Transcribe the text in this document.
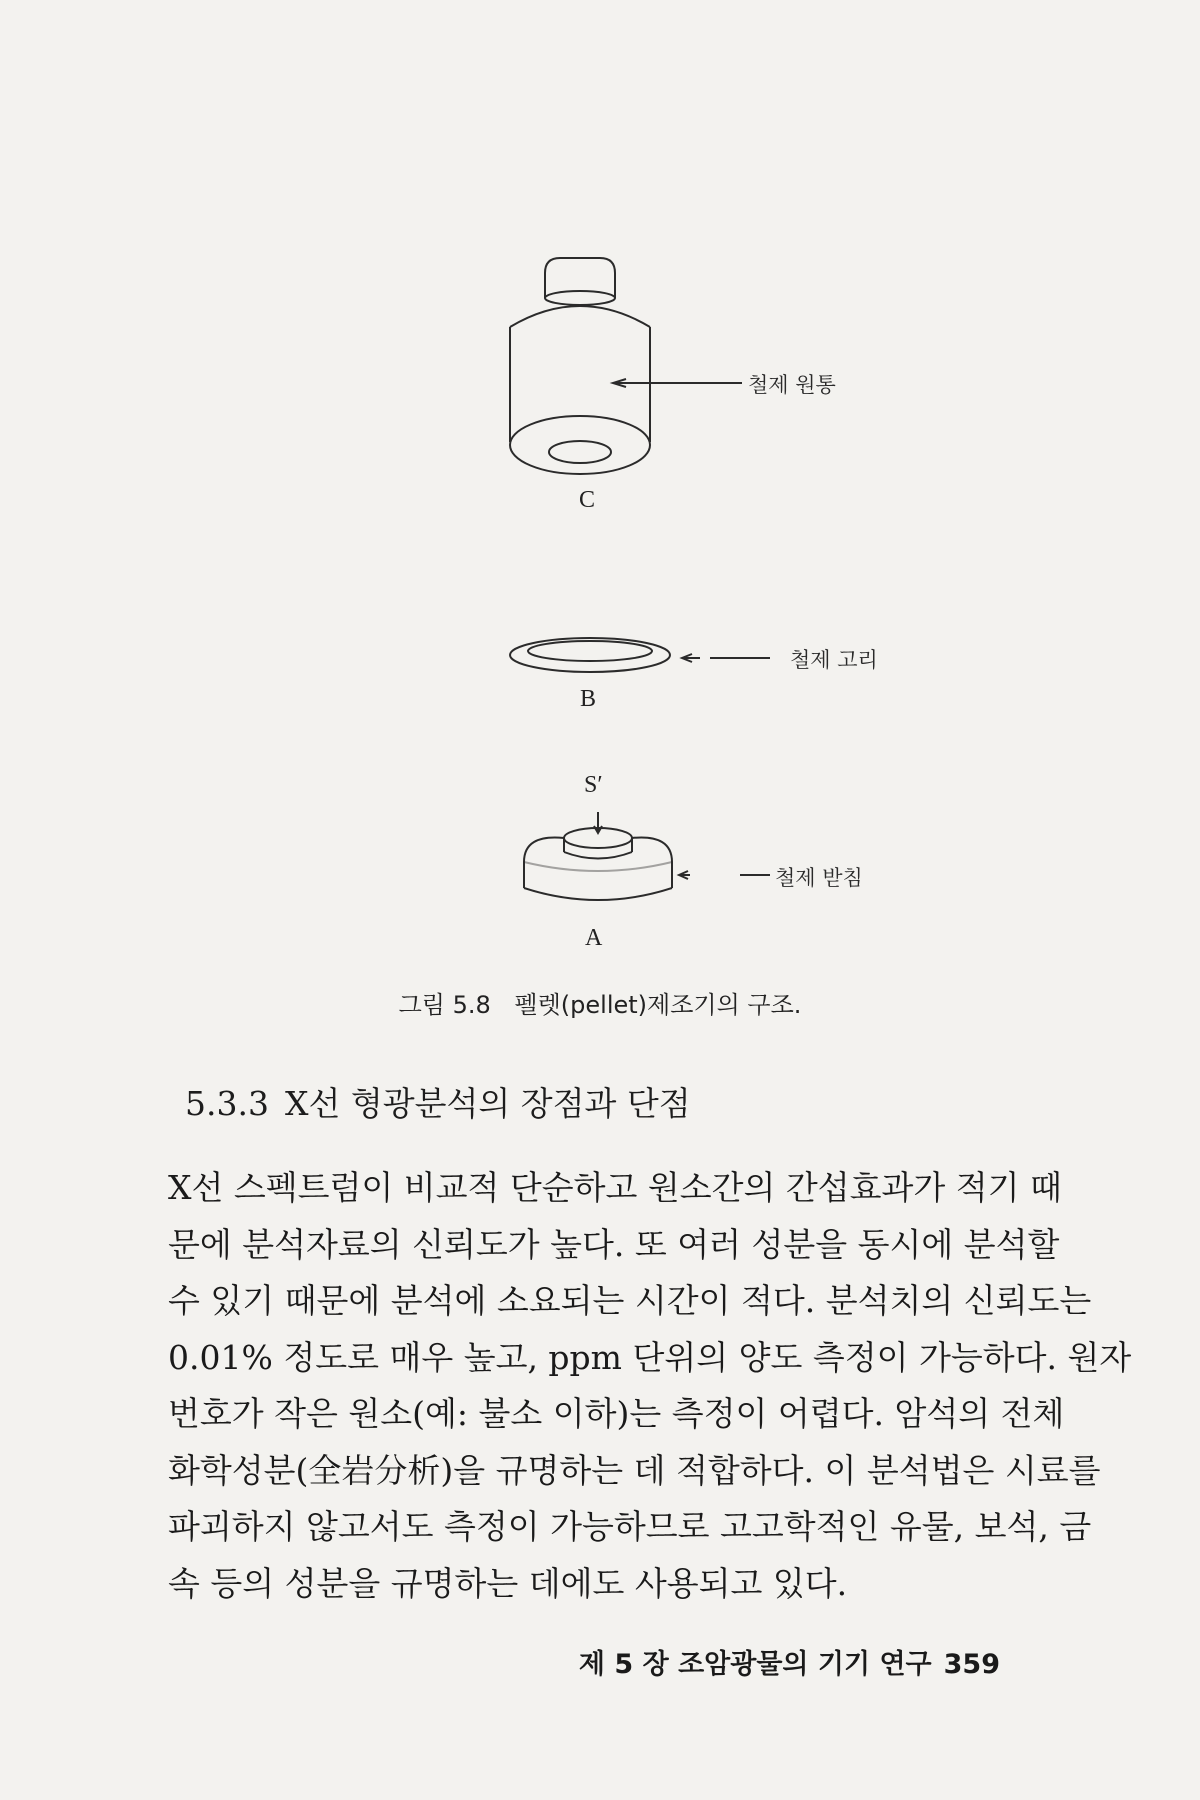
철제 원통
C
철제 고리
B
S′
철제 받침
A
그림 5.8 펠렛(pellet)제조기의 구조.
5.3.3 X선 형광분석의 장점과 단점
X선 스펙트럼이 비교적 단순하고 원소간의 간섭효과가 적기 때
문에 분석자료의 신뢰도가 높다. 또 여러 성분을 동시에 분석할
수 있기 때문에 분석에 소요되는 시간이 적다. 분석치의 신뢰도는
0.01% 정도로 매우 높고, ppm 단위의 양도 측정이 가능하다. 원자
번호가 작은 원소(예: 불소 이하)는 측정이 어렵다. 암석의 전체
화학성분(全岩分析)을 규명하는 데 적합하다. 이 분석법은 시료를
파괴하지 않고서도 측정이 가능하므로 고고학적인 유물, 보석, 금
속 등의 성분을 규명하는 데에도 사용되고 있다.
제 5 장 조암광물의 기기 연구 359
